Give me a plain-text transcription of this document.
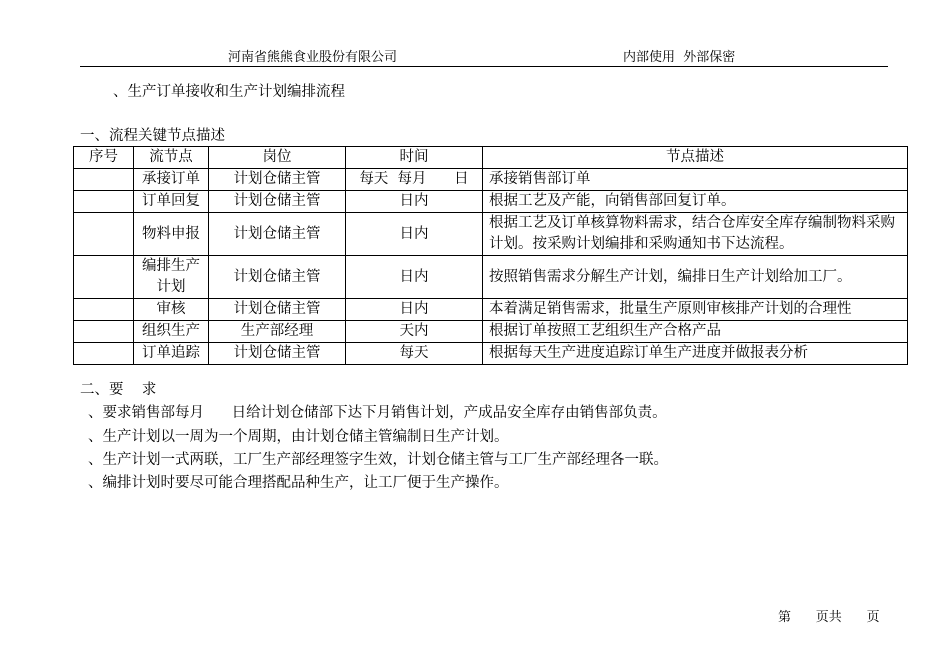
河南省熊熊食业股份有限公司	内部使用  外部保密
、生产订单接收和生产计划编排流程
一、流程关键节点描述
序号	流节点	岗位	时间	节点描述
	承接订单	计划仓储主管	每天  每月      日	承接销售部订单
	订单回复	计划仓储主管	日内	根据工艺及产能，向销售部回复订单。
	物料申报	计划仓储主管	日内	根据工艺及订单核算物料需求，结合仓库安全库存编制物料采购计划。按采购计划编排和采购通知书下达流程。
	编排生产计划	计划仓储主管	日内	按照销售需求分解生产计划，编排日生产计划给加工厂。
	审核	计划仓储主管	日内	本着满足销售需求，批量生产原则审核排产计划的合理性
	组织生产	生产部经理	天内	根据订单按照工艺组织生产合格产品
	订单追踪	计划仓储主管	每天	根据每天生产进度追踪订单生产进度并做报表分析
二、要    求
、要求销售部每月      日给计划仓储部下达下月销售计划，产成品安全库存由销售部负责。
、生产计划以一周为一个周期，由计划仓储主管编制日生产计划。
、生产计划一式两联，工厂生产部经理签字生效，计划仓储主管与工厂生产部经理各一联。
、编排计划时要尽可能合理搭配品种生产，让工厂便于生产操作。
第      页共      页
